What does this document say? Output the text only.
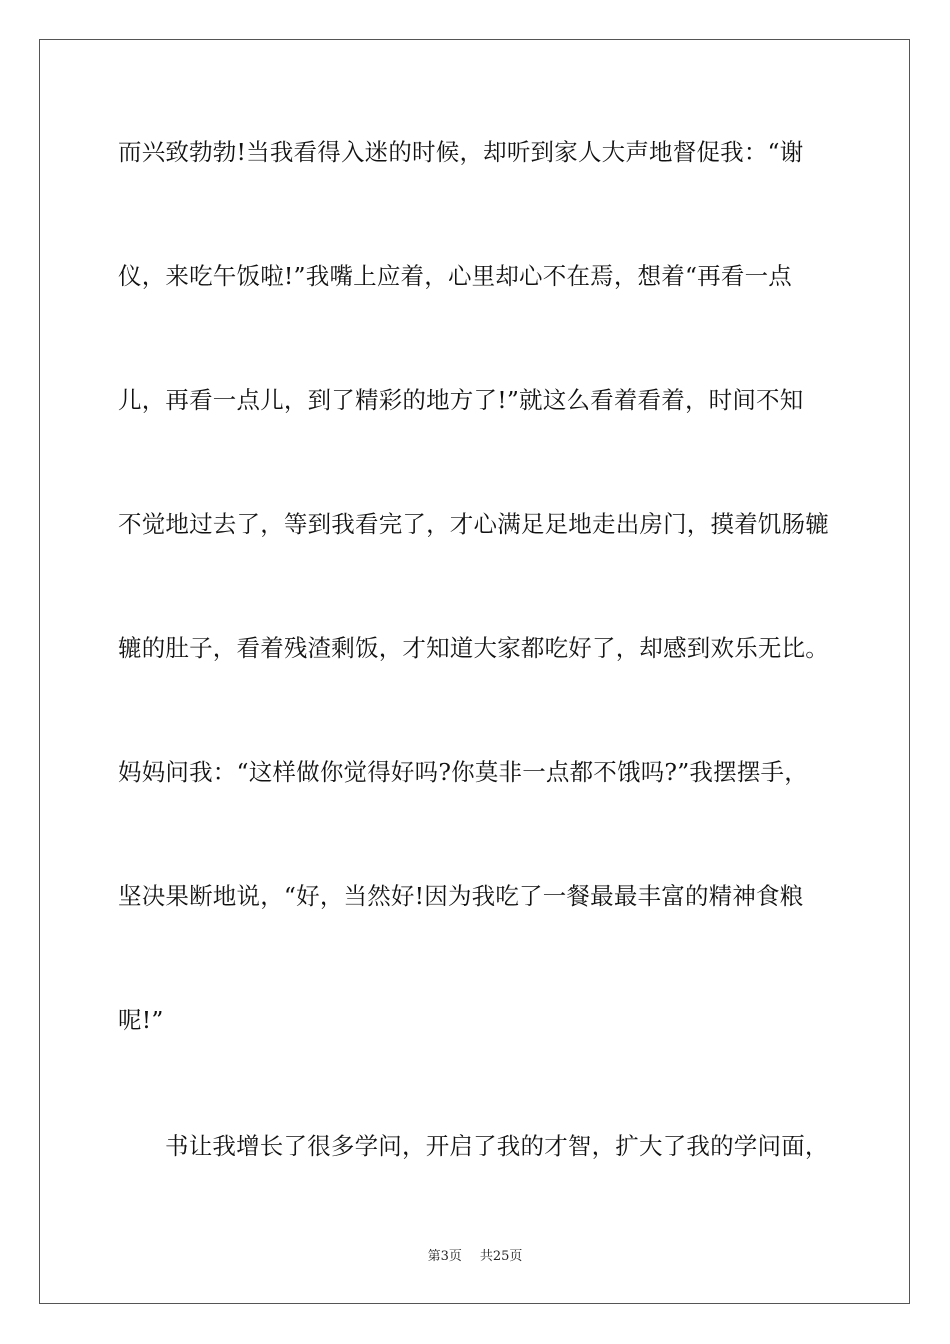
而兴致勃勃!当我看得入迷的时候，却听到家人大声地督促我：“谢
仪，来吃午饭啦!”我嘴上应着，心里却心不在焉，想着“再看一点
儿，再看一点儿，到了精彩的地方了!”就这么看着看着，时间不知
不觉地过去了，等到我看完了，才心满足足地走出房门，摸着饥肠辘
辘的肚子，看着残渣剩饭，才知道大家都吃好了，却感到欢乐无比。
妈妈问我：“这样做你觉得好吗?你莫非一点都不饿吗?”我摆摆手，
坚决果断地说，“好，当然好!因为我吃了一餐最最丰富的精神食粮
呢!”
书让我增长了很多学问，开启了我的才智，扩大了我的学问面，
第3页 共25页
